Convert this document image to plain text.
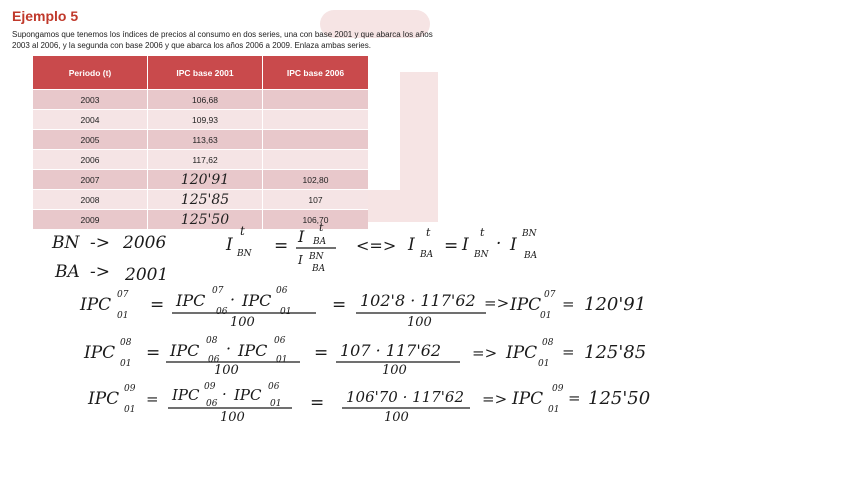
Ejemplo 5

Supongamos que tenemos los índices de precios al consumo en dos series, una con base 2001 y que abarca los años 2003 al 2006, y la segunda con base 2006 y que abarca los años 2006 a 2009. Enlaza ambas series.

Periodo (t)	IPC base 2001	IPC base 2006
2003	106,68	
2004	109,93	
2005	113,63	
2006	117,62	
2007	120'91	102,80
2008	125'85	107
2009	125'50	106,70
BN -> 2006
BA -> 2001
I
t
BN = I t
BA
I BN
BA
<=> I
t
BA = I
t
BN
· I
BN
BA
IPC 07
01
= IPC 07
06
· IPC 06
01
100
= 102'8 · 117'62
100
=> IPC 07
01
= 120'91
IPC 08
01
= IPC 08
06
· IPC 06
01
100
= 107 · 117'62
100
=> IPC 08
01
= 125'85
IPC 09
01
= IPC 09
06
· IPC 06
01
100
= 106'70 · 117'62
100
=> IPC 09
01
= 125'50
